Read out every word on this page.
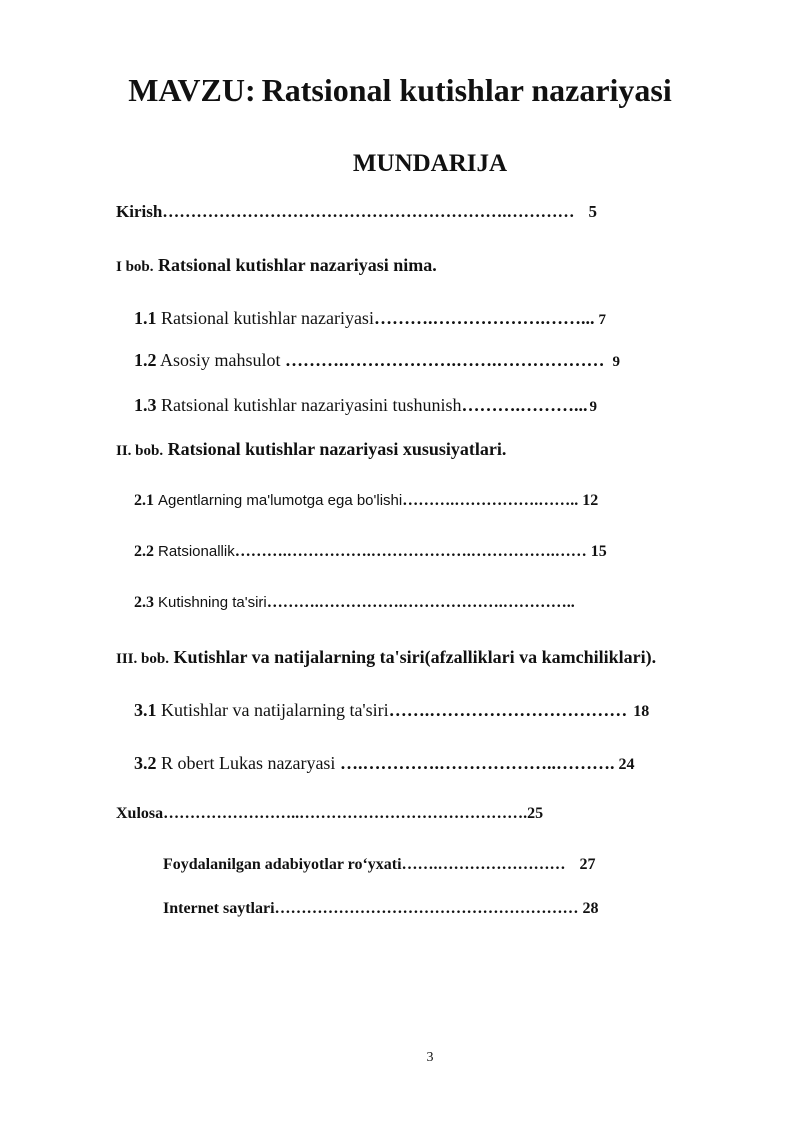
MAVZU: Ratsional kutishlar nazariyasi
MUNDARIJA
Kirish…………………………………………………….………… 5
I bob. Ratsional kutishlar nazariyasi nima.
1.1 Ratsional kutishlar nazariyasi……….……………….……... 7
1.2 Asosiy mahsulot ……….……………….…….……………… 9
1.3 Ratsional kutishlar nazariyasini tushunish……….………... 9
II. bob. Ratsional kutishlar nazariyasi xususiyatlari.
2.1 Agentlarning ma'lumotga ega bo'lishi……….…………….…….. 12
2.2 Ratsionallik……….…………….……………….…………….…… 15
2.3 Kutishning ta'siri……….…………….……………….…………..
III. bob. Kutishlar va natijalarning ta'siri(afzalliklari va kamchiliklari).
3.1 Kutishlar va natijalarning ta'siri…….…………………………… 18
3.2 R obert Lukas nazaryasi ….………….………………..………. 24
Xulosa……………………..…………………………………….25
Foydalanilgan adabiyotlar ro‘yxati…….…………………… 27
Internet saytlari………………………………………………… 28
3
